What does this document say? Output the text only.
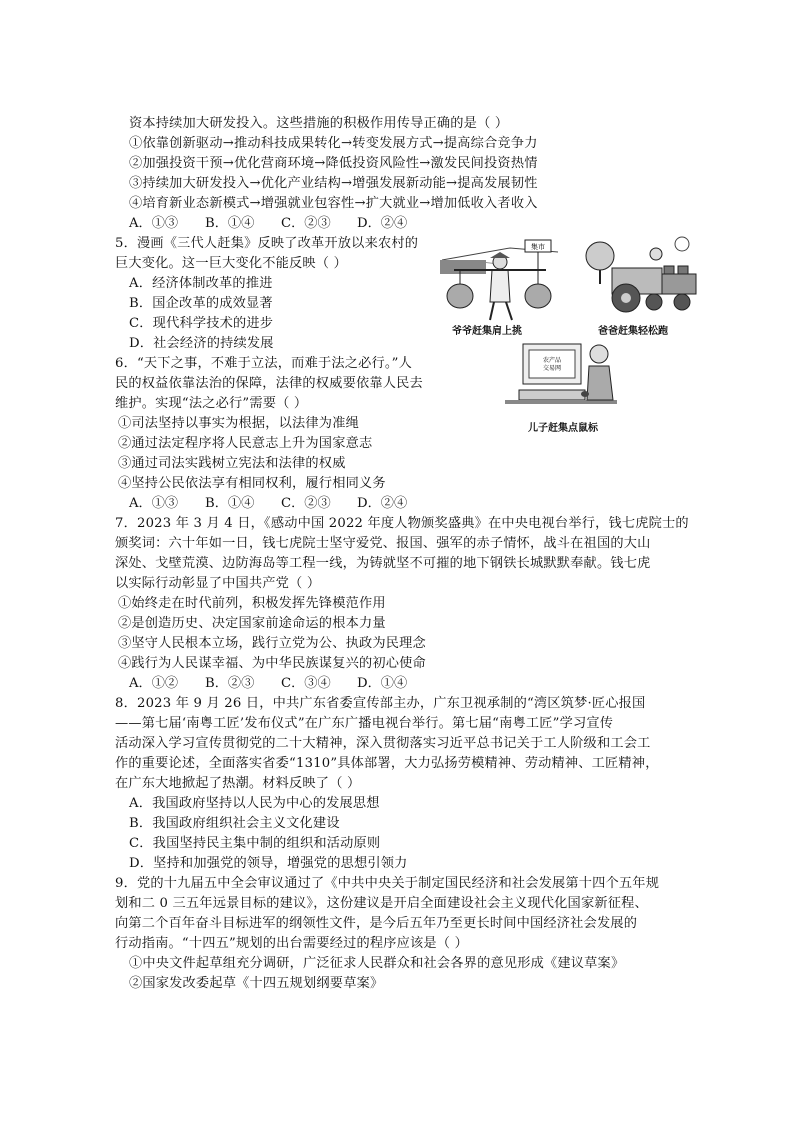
资本持续加大研发投入。这些措施的积极作用传导正确的是（ ）
①依靠创新驱动→推动科技成果转化→转变发展方式→提高综合竞争力
②加强投资干预→优化营商环境→降低投资风险性→激发民间投资热情
③持续加大研发投入→优化产业结构→增强发展新动能→提高发展韧性
④培育新业态新模式→增强就业包容性→扩大就业→增加低收入者收入
A．①③ B．①④ C．②③ D．②④
5．漫画《三代人赶集》反映了改革开放以来农村的
巨大变化。这一巨大变化不能反映（ ）
A．经济体制改革的推进
B．国企改革的成效显著
C．现代科学技术的进步
D．社会经济的持续发展
集市
爷爷赶集肩上挑	爸爸赶集轻松跑
农产品
交易网
儿子赶集点鼠标
6．“天下之事，不难于立法，而难于法之必行。”人
民的权益依靠法治的保障，法律的权威要依靠人民去
维护。实现“法之必行”需要（ ）
①司法坚持以事实为根据，以法律为准绳
②通过法定程序将人民意志上升为国家意志
③通过司法实践树立宪法和法律的权威
④坚持公民依法享有相同权利，履行相同义务
A．①③ B．①④ C．②③ D．②④
7．2023 年 3 月 4 日，《感动中国 2022 年度人物颁奖盛典》在中央电视台举行，钱七虎院士的
颁奖词：六十年如一日，钱七虎院士坚守爱党、报国、强军的赤子情怀，战斗在祖国的大山
深处、戈壁荒漠、边防海岛等工程一线，为铸就坚不可摧的地下钢铁长城默默奉献。钱七虎
以实际行动彰显了中国共产党（ ）
①始终走在时代前列，积极发挥先锋模范作用
②是创造历史、决定国家前途命运的根本力量
③坚守人民根本立场，践行立党为公、执政为民理念
④践行为人民谋幸福、为中华民族谋复兴的初心使命
A．①② B．②③ C．③④ D．①④
8．2023 年 9 月 26 日，中共广东省委宣传部主办，广东卫视承制的“湾区筑梦·匠心报国
——第七届‘南粤工匠’发布仪式”在广东广播电视台举行。第七届“南粤工匠”学习宣传
活动深入学习宣传贯彻党的二十大精神，深入贯彻落实习近平总书记关于工人阶级和工会工
作的重要论述，全面落实省委“1310”具体部署，大力弘扬劳模精神、劳动精神、工匠精神，
在广东大地掀起了热潮。材料反映了（ ）
A．我国政府坚持以人民为中心的发展思想
B．我国政府组织社会主义文化建设
C．我国坚持民主集中制的组织和活动原则
D．坚持和加强党的领导，增强党的思想引领力
9．党的十九届五中全会审议通过了《中共中央关于制定国民经济和社会发展第十四个五年规
划和二 0 三五年远景目标的建议》，这份建议是开启全面建设社会主义现代化国家新征程、
向第二个百年奋斗目标进军的纲领性文件，是今后五年乃至更长时间中国经济社会发展的
行动指南。“十四五”规划的出台需要经过的程序应该是（ ）
①中央文件起草组充分调研，广泛征求人民群众和社会各界的意见形成《建议草案》
②国家发改委起草《十四五规划纲要草案》
